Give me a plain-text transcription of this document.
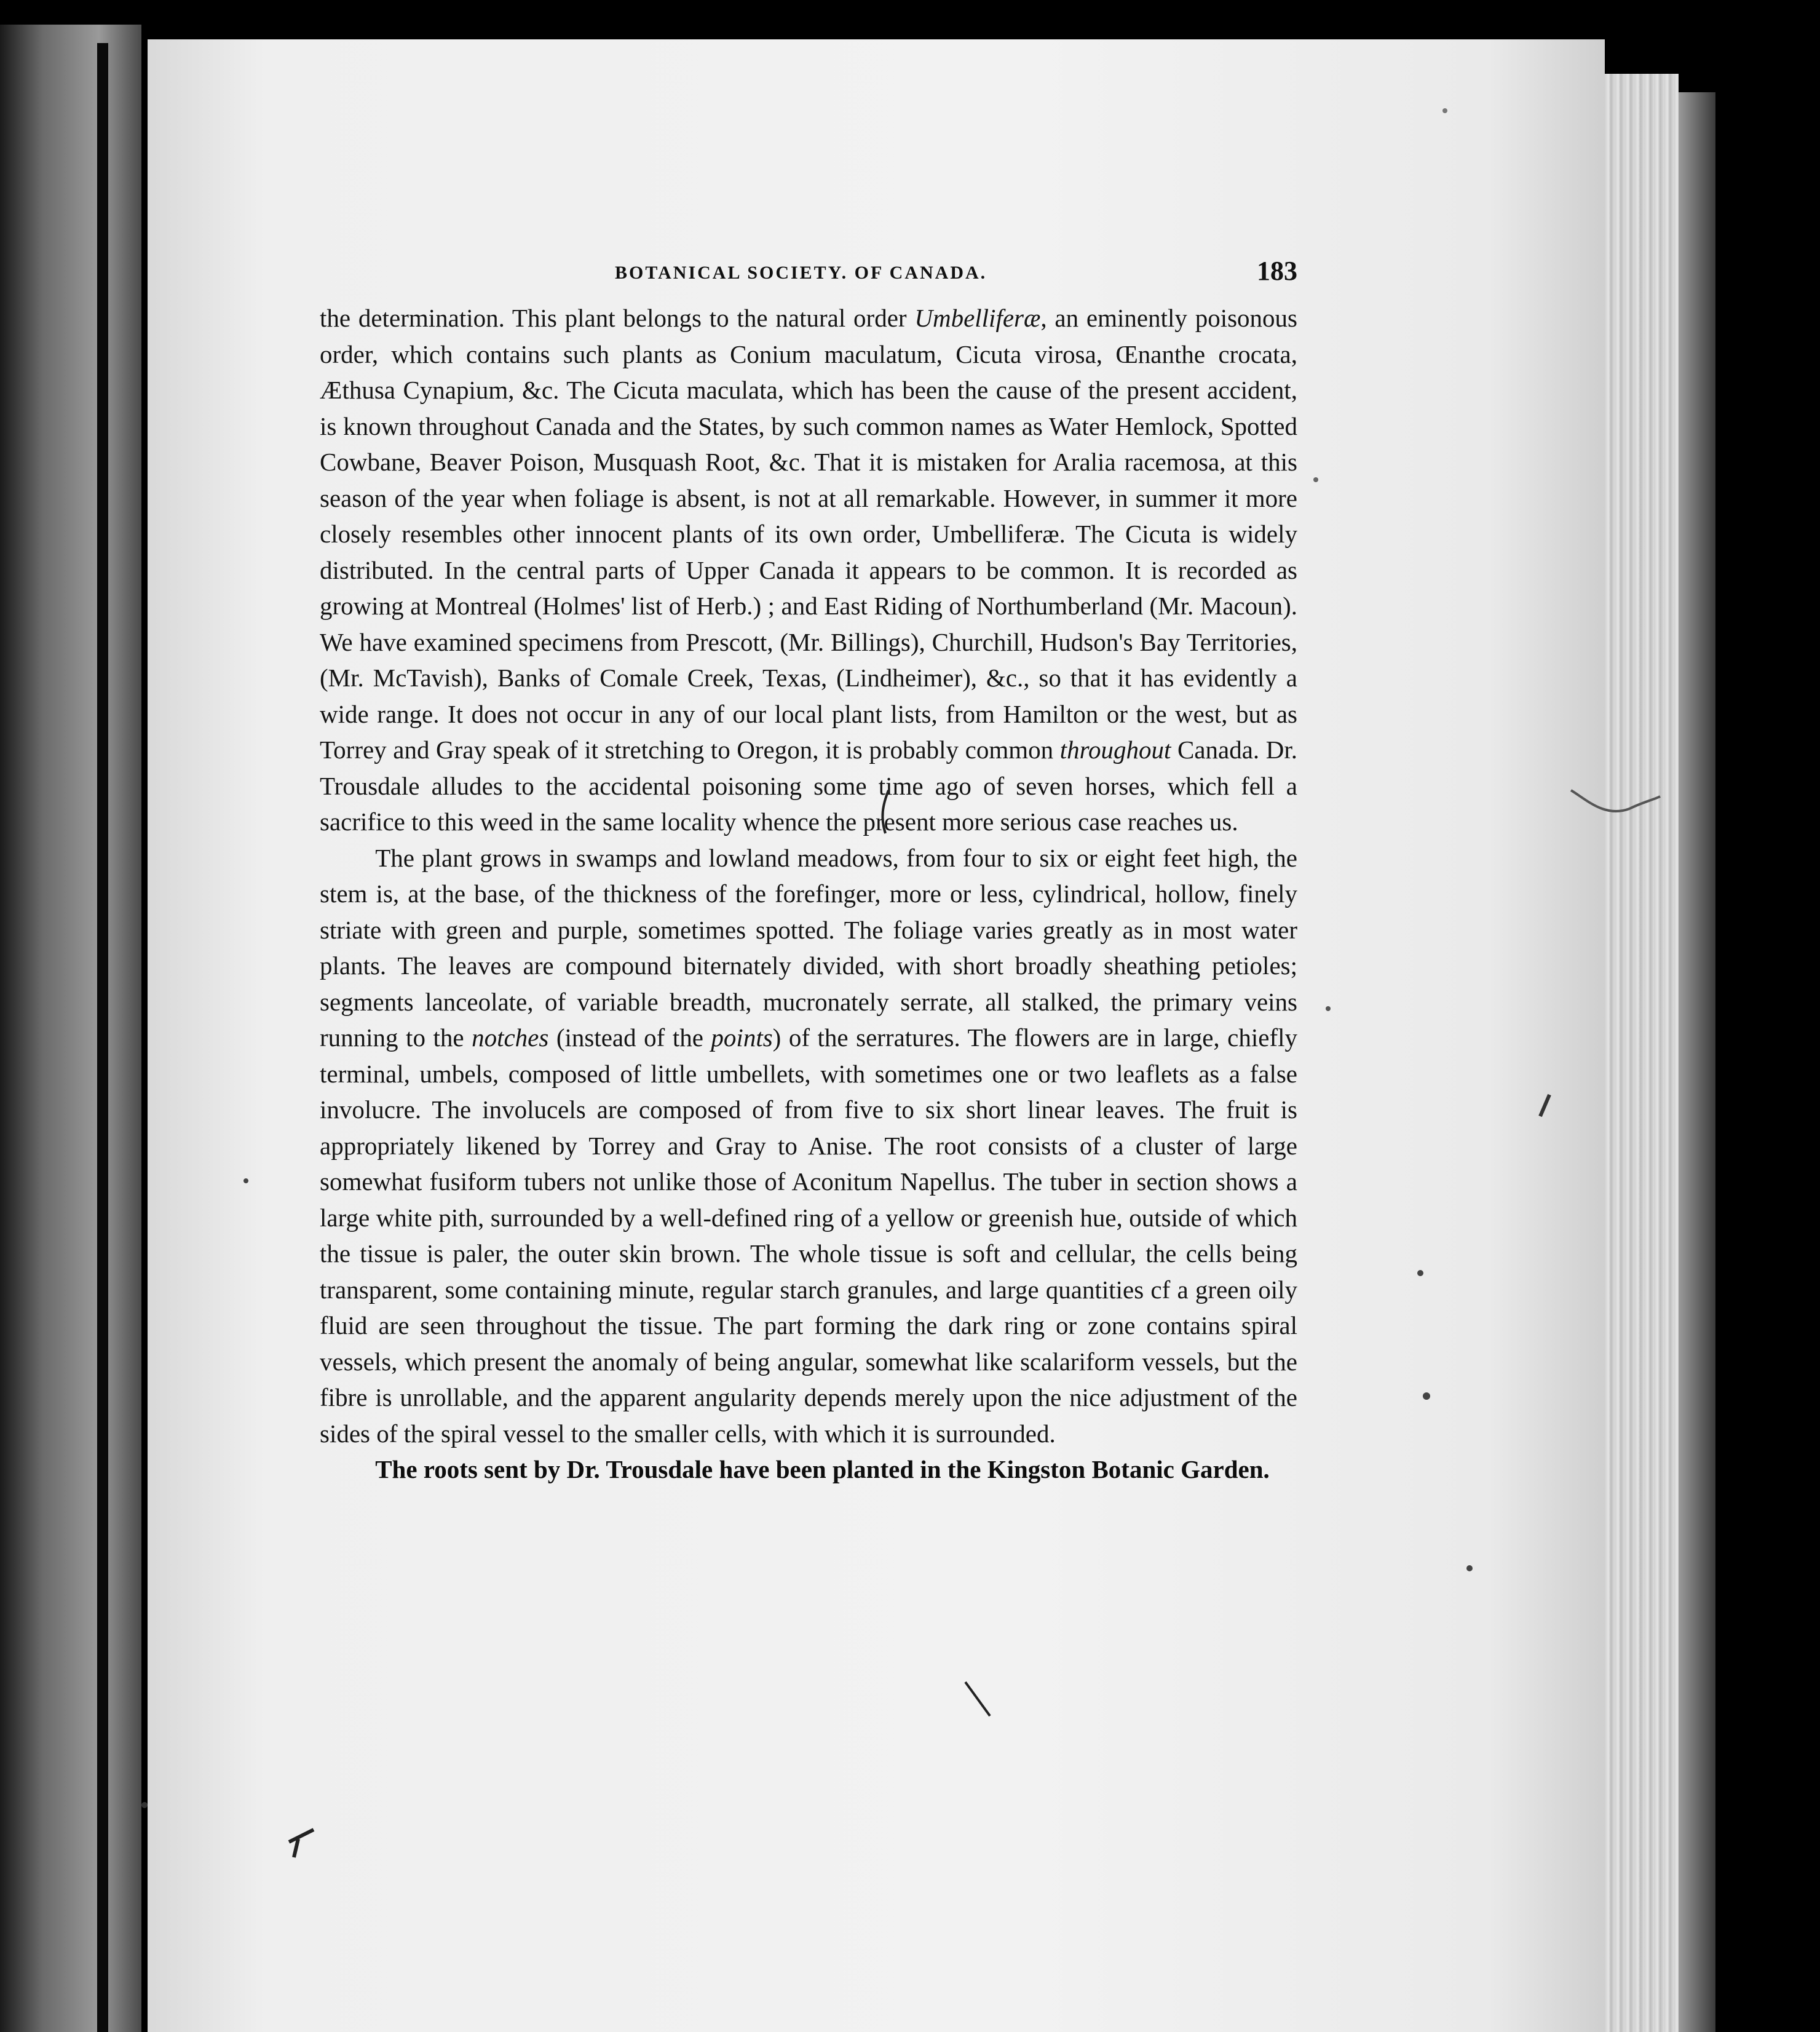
BOTANICAL SOCIETY. OF CANADA.	183

the determination. This plant belongs to the natural order Umbelliferæ, an eminently poisonous order, which contains such plants as Conium maculatum, Cicuta virosa, Œnanthe crocata, Æthusa Cynapium, &c. The Cicuta maculata, which has been the cause of the present accident, is known throughout Canada and the States, by such common names as Water Hemlock, Spotted Cowbane, Beaver Poison, Musquash Root, &c. That it is mistaken for Aralia racemosa, at this season of the year when foliage is absent, is not at all remarkable. However, in summer it more closely resembles other innocent plants of its own order, Umbelliferæ. The Cicuta is widely distributed. In the central parts of Upper Canada it appears to be common. It is recorded as growing at Montreal (Holmes' list of Herb.) ; and East Riding of Northumberland (Mr. Macoun). We have examined specimens from Prescott, (Mr. Billings), Churchill, Hudson's Bay Territories, (Mr. McTavish), Banks of Comale Creek, Texas, (Lindheimer), &c., so that it has evidently a wide range. It does not occur in any of our local plant lists, from Hamilton or the west, but as Torrey and Gray speak of it stretching to Oregon, it is probably common throughout Canada. Dr. Trousdale alludes to the accidental poisoning some time ago of seven horses, which fell a sacrifice to this weed in the same locality whence the present more serious case reaches us.

The plant grows in swamps and lowland meadows, from four to six or eight feet high, the stem is, at the base, of the thickness of the forefinger, more or less, cylindrical, hollow, finely striate with green and purple, sometimes spotted. The foliage varies greatly as in most water plants. The leaves are compound biternately divided, with short broadly sheathing petioles; segments lanceolate, of variable breadth, mucronately serrate, all stalked, the primary veins running to the notches (instead of the points) of the serratures. The flowers are in large, chiefly terminal, umbels, composed of little umbellets, with sometimes one or two leaflets as a false involucre. The involucels are composed of from five to six short linear leaves. The fruit is appropriately likened by Torrey and Gray to Anise. The root consists of a cluster of large somewhat fusiform tubers not unlike those of Aconitum Napellus. The tuber in section shows a large white pith, surrounded by a well-defined ring of a yellow or greenish hue, outside of which the tissue is paler, the outer skin brown. The whole tissue is soft and cellular, the cells being transparent, some containing minute, regular starch granules, and large quantities cf a green oily fluid are seen throughout the tissue. The part forming the dark ring or zone contains spiral vessels, which present the anomaly of being angular, somewhat like scalariform vessels, but the fibre is unrollable, and the apparent angularity depends merely upon the nice adjustment of the sides of the spiral vessel to the smaller cells, with which it is surrounded.

The roots sent by Dr. Trousdale have been planted in the Kingston Botanic Garden.
